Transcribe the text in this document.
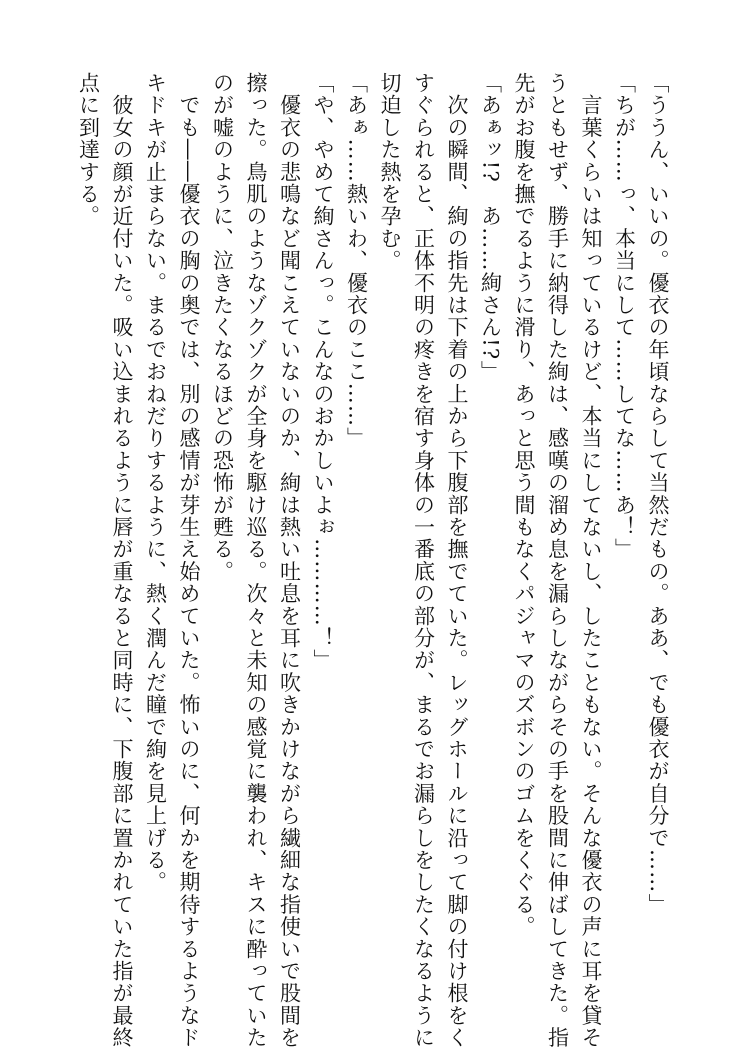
「ううん、いいの。優衣の年頃ならして当然だもの。ああ、でも優衣が自分で……」
「ちが……っ、本当にして……してな……あ！」
　言葉くらいは知っているけど、本当にしてないし、したこともない。そんな優衣の声に耳を貸そ
うともせず、勝手に納得した絢は、感嘆の溜め息を漏らしながらその手を股間に伸ばしてきた。指
先がお腹を撫でるように滑り、あっと思う間もなくパジャマのズボンのゴムをくぐる。
「あぁッ!?　あ……絢さん!?」
　次の瞬間、絢の指先は下着の上から下腹部を撫でていた。レッグホールに沿って脚の付け根をく
すぐられると、正体不明の疼きを宿す身体の一番底の部分が、まるでお漏らしをしたくなるように
切迫した熱を孕む。
「あぁ……熱いわ、優衣のここ……」
「や、やめて絢さんっ。こんなのおかしいよぉ…………！」
　優衣の悲鳴など聞こえていないのか、絢は熱い吐息を耳に吹きかけながら繊細な指使いで股間を
擦った。鳥肌のようなゾクゾクが全身を駆け巡る。次々と未知の感覚に襲われ、キスに酔っていた
のが嘘のように、泣きたくなるほどの恐怖が甦る。
　でも――優衣の胸の奥では、別の感情が芽生え始めていた。怖いのに、何かを期待するようなド
キドキが止まらない。まるでおねだりするように、熱く潤んだ瞳で絢を見上げる。
　彼女の顔が近付いた。吸い込まれるように唇が重なると同時に、下腹部に置かれていた指が最終
点に到達する。
